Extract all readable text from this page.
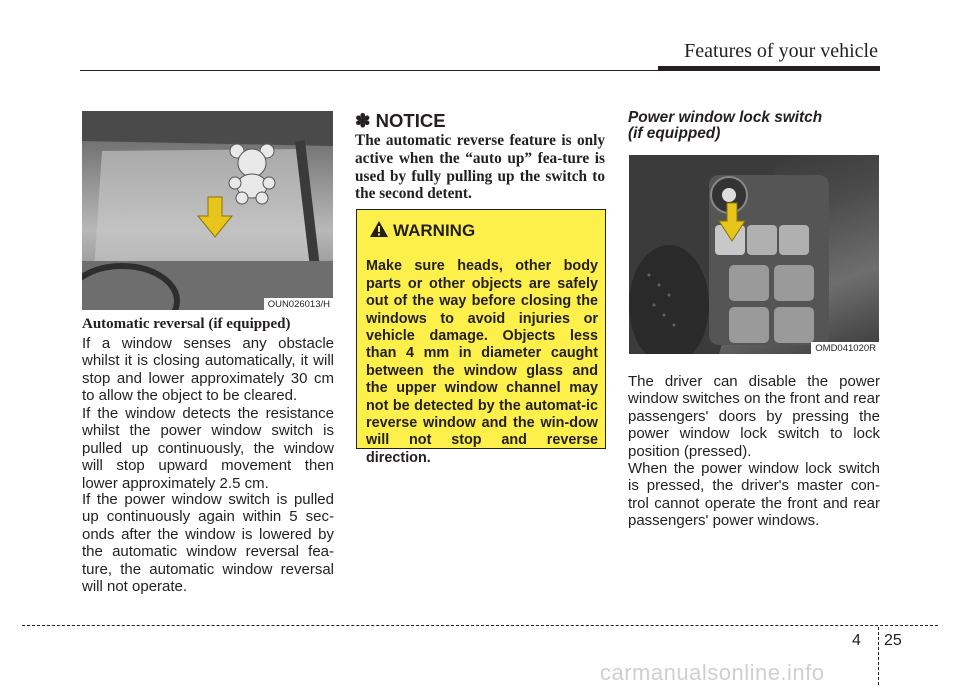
Features of your vehicle
OUN026013/H
Automatic reversal (if equipped)

If a window senses any obstacle whilst it is closing automatically, it will stop and lower approximately 30 cm to allow the object to be cleared.

If the window detects the resistance whilst the power window switch is pulled up continuously, the window will stop upward movement then lower approximately 2.5 cm.

If the power window switch is pulled up continuously again within 5 sec-onds after the window is lowered by the automatic window reversal fea-ture, the automatic window reversal will not operate.

✽ NOTICE

The automatic reverse feature is only active when the “auto up” fea-ture is used by fully pulling up the switch to the second detent.

WARNING

Make sure heads, other body parts or other objects are safely out of the way before closing the windows to avoid injuries or vehicle damage. Objects less than 4 mm in diameter caught between the window glass and the upper window channel may not be detected by the automat-ic reverse window and the win-dow will not stop and reverse direction.

Power window lock switch
(if equipped)
OMD041020R

The driver can disable the power window switches on the front and rear passengers' doors by pressing the power window lock switch to lock position (pressed).

When the power window lock switch is pressed, the driver's master con-trol cannot operate the front and rear passengers' power windows.

4 25
carmanualsonline.info
